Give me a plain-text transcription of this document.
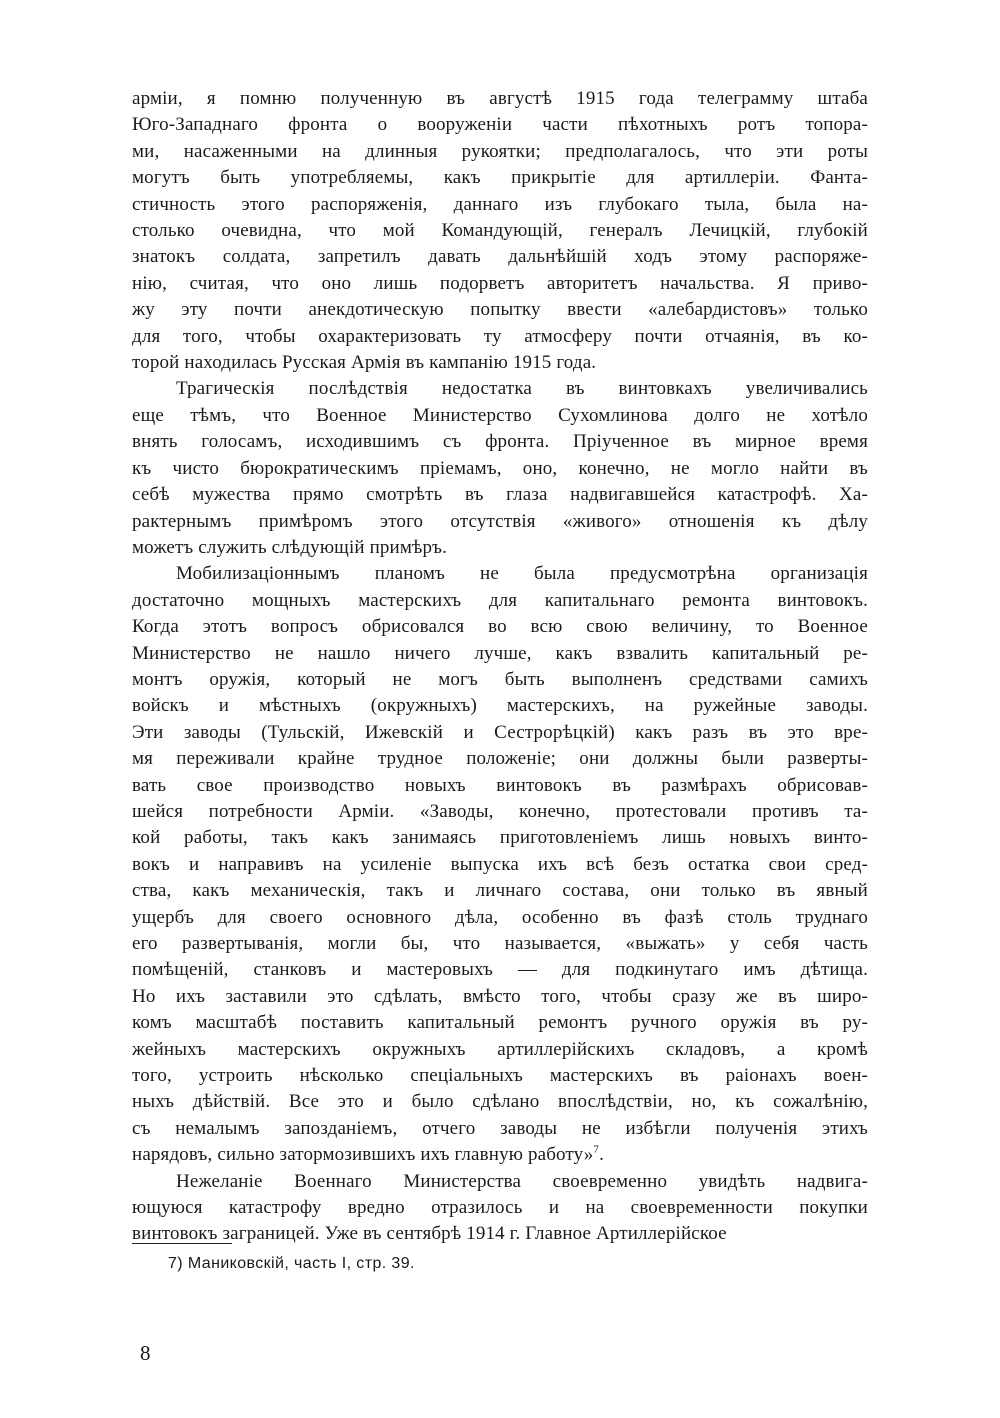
арміи, я помню полученную въ августѣ 1915 года телеграмму штаба
Юго-Западнаго фронта о вооруженіи части пѣхотныхъ ротъ топора-
ми, насаженными на длинныя рукоятки; предполагалось, что эти роты
могутъ быть употребляемы, какъ прикрытіе для артиллеріи. Фанта-
стичность этого распоряженія, даннаго изъ глубокаго тыла, была на-
столько очевидна, что мой Командующій, генералъ Лечицкій, глубокій
знатокъ солдата, запретилъ давать дальнѣйшій ходъ этому распоряже-
нію, считая, что оно лишь подорветъ авторитетъ начальства. Я приво-
жу эту почти анекдотическую попытку ввести «алебардистовъ» только
для того, чтобы охарактеризовать ту атмосферу почти отчаянія, въ ко-
торой находилась Русская Армія въ кампанію 1915 года.
Трагическія послѣдствія недостатка въ винтовкахъ увеличивались
еще тѣмъ, что Военное Министерство Сухомлинова долго не хотѣло
внять голосамъ, исходившимъ съ фронта. Пріученное въ мирное время
къ чисто бюрократическимъ пріемамъ, оно, конечно, не могло найти въ
себѣ мужества прямо смотрѣть въ глаза надвигавшейся катастрофѣ. Ха-
рактернымъ примѣромъ этого отсутствія «живого» отношенія къ дѣлу
можетъ служить слѣдующій примѣръ.
Мобилизаціоннымъ планомъ не была предусмотрѣна организація
достаточно мощныхъ мастерскихъ для капитальнаго ремонта винтовокъ.
Когда этотъ вопросъ обрисовался во всю свою величину, то Военное
Министерство не нашло ничего лучше, какъ взвалить капитальный ре-
монтъ оружія, который не могъ быть выполненъ средствами самихъ
войскъ и мѣстныхъ (окружныхъ) мастерскихъ, на ружейные заводы.
Эти заводы (Тульскій, Ижевскій и Сестрорѣцкій) какъ разъ въ это вре-
мя переживали крайне трудное положеніе; они должны были разверты-
вать свое производство новыхъ винтовокъ въ размѣрахъ обрисовав-
шейся потребности Арміи. «Заводы, конечно, протестовали противъ та-
кой работы, такъ какъ занимаясь приготовленіемъ лишь новыхъ винто-
вокъ и направивъ на усиленіе выпуска ихъ всѣ безъ остатка свои сред-
ства, какъ механическія, такъ и личнаго состава, они только въ явный
ущербъ для своего основного дѣла, особенно въ фазѣ столь труднаго
его развертыванія, могли бы, что называется, «выжать» у себя часть
помѣщеній, станковъ и мастеровыхъ — для подкинутаго имъ дѣтища.
Но ихъ заставили это сдѣлать, вмѣсто того, чтобы сразу же въ широ-
комъ масштабѣ поставить капитальный ремонтъ ручного оружія въ ру-
жейныхъ мастерскихъ окружныхъ артиллерійскихъ складовъ, а кромѣ
того, устроить нѣсколько спеціальныхъ мастерскихъ въ раіонахъ воен-
ныхъ дѣйствій. Все это и было сдѣлано впослѣдствіи, но, къ сожалѣнію,
съ немалымъ запозданіемъ, отчего заводы не избѣгли полученія этихъ
нарядовъ, сильно затормозившихъ ихъ главную работу»$^7$.
Нежеланіе Военнаго Министерства своевременно увидѣть надвига-
ющуюся катастрофу вредно отразилось и на своевременности покупки
винтовокъ заграницей. Уже въ сентябрѣ 1914 г. Главное Артиллерійское
7) Маниковскій, часть I, стр. 39.
8
